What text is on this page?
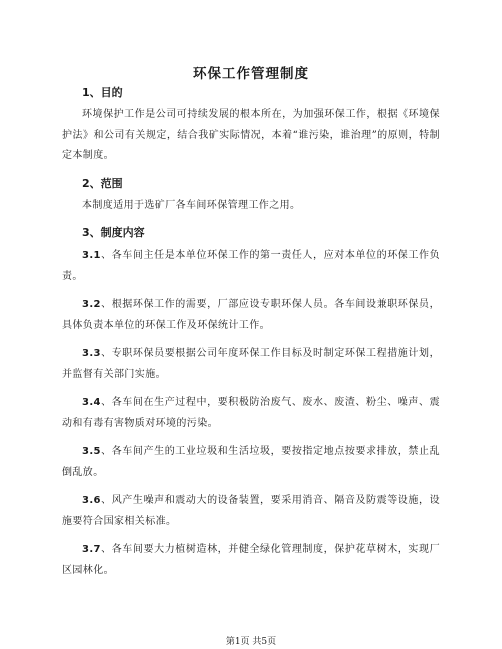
环保工作管理制度

1、目的

环境保护工作是公司可持续发展的根本所在，为加强环保工作，根据《环境保护法》和公司有关规定，结合我矿实际情况，本着“谁污染，谁治理”的原则，特制定本制度。

2、范围

本制度适用于选矿厂各车间环保管理工作之用。

3、制度内容

3.1、各车间主任是本单位环保工作的第一责任人，应对本单位的环保工作负责。

3.2、根据环保工作的需要，厂部应设专职环保人员。各车间设兼职环保员，具体负责本单位的环保工作及环保统计工作。

3.3、专职环保员要根据公司年度环保工作目标及时制定环保工程措施计划，并监督有关部门实施。

3.4、各车间在生产过程中，要积极防治废气、废水、废渣、粉尘、噪声、震动和有毒有害物质对环境的污染。

3.5、各车间产生的工业垃圾和生活垃圾，要按指定地点按要求排放，禁止乱倒乱放。

3.6、风产生噪声和震动大的设备装置，要采用消音、隔音及防震等设施，设施要符合国家相关标准。

3.7、各车间要大力植树造林，并健全绿化管理制度，保护花草树木，实现厂区园林化。

第1页 共5页
